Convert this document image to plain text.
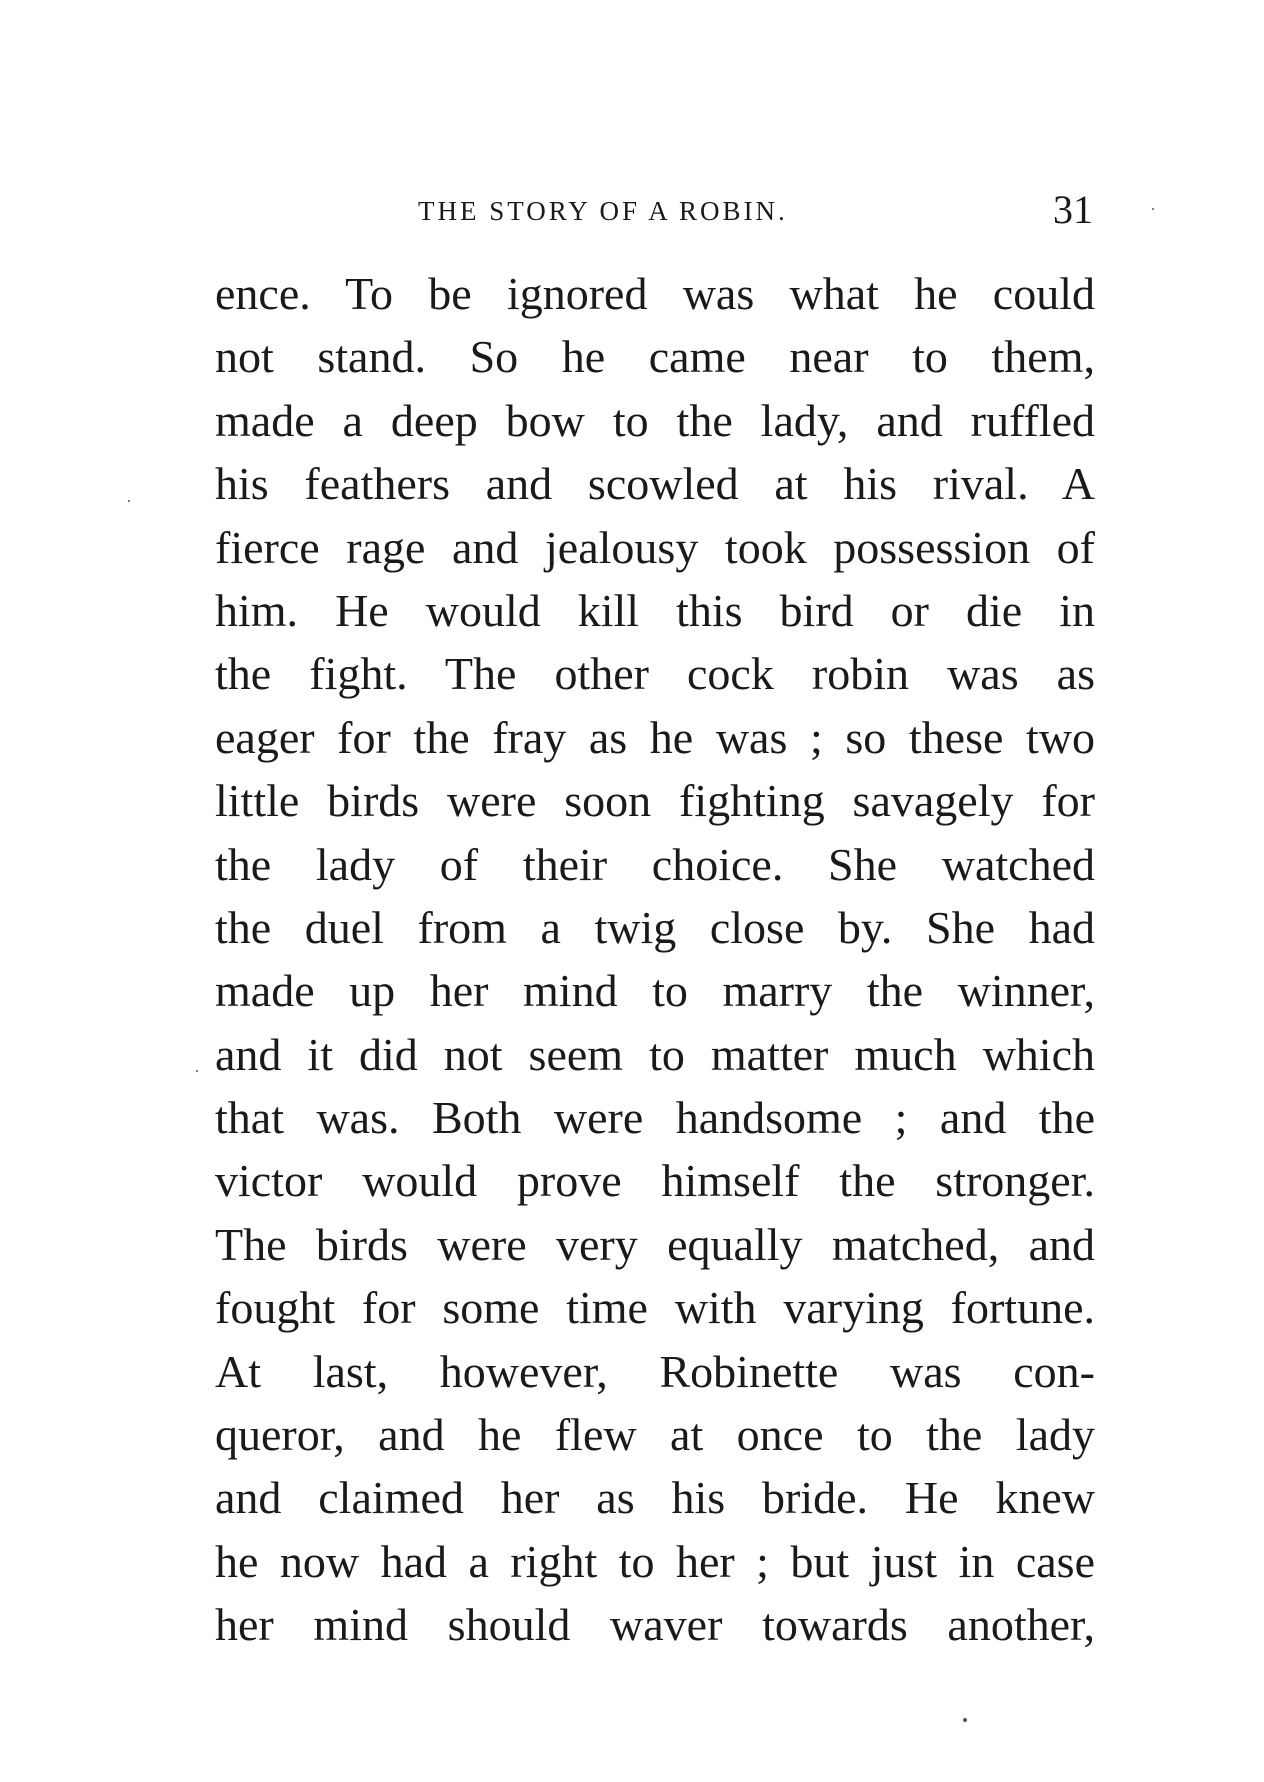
THE STORY OF A ROBIN.	31
ence. To be ignored was what he could
not stand. So he came near to them,
made a deep bow to the lady, and ruffled
his feathers and scowled at his rival. A
fierce rage and jealousy took possession of
him. He would kill this bird or die in
the fight. The other cock robin was as
eager for the fray as he was ; so these two
little birds were soon fighting savagely for
the lady of their choice. She watched
the duel from a twig close by. She had
made up her mind to marry the winner,
and it did not seem to matter much which
that was. Both were handsome ; and the
victor would prove himself the stronger.
The birds were very equally matched, and
fought for some time with varying fortune.
At last, however, Robinette was con-
queror, and he flew at once to the lady
and claimed her as his bride. He knew
he now had a right to her ; but just in case
her mind should waver towards another,
